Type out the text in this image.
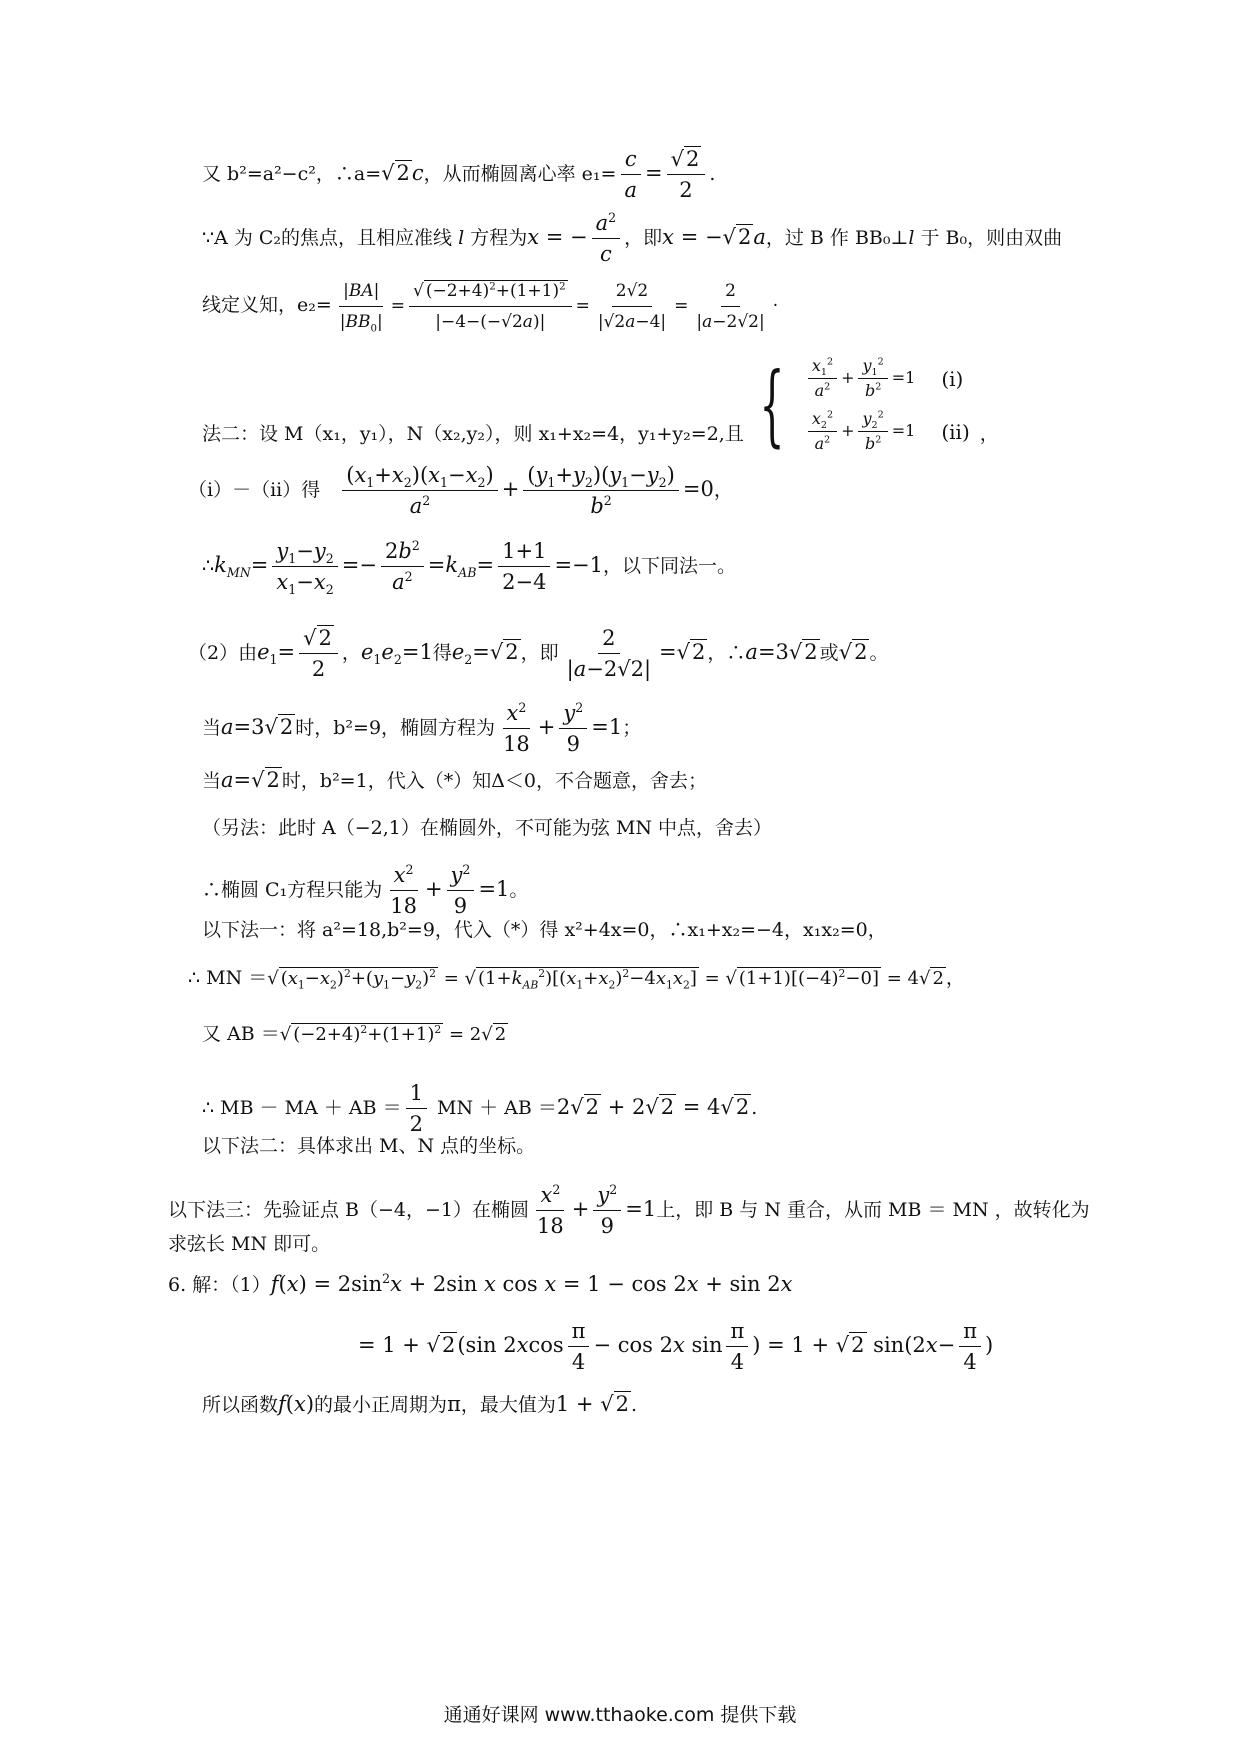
又 b²=a²−c²，∴a=√2c，从而椭圆离心率 $e_1= \frac{c}{a} = \frac{√2}{2}$ .
∵A 为 C₂的焦点，且相应准线 l 方程为x = − $\frac{a^2}{c}$ ，即x = −√2a，过 B 作 BB₀⊥l 于 B₀，则由双曲
线定义知，$e_2= \frac{|BA|}{|BB_0|} = \frac{√ (-2+4)^2+(1+1)^2}{|-4-(-√2a)|} = \frac{2√2}{|√2a-4|} = \frac{2}{|a-2√2|}$ ·
法二：设 M（x₁，y₁），N（x₂,y₂），则 x₁+x₂=4，y₁+y₂=2,且 { $\frac{x_1^2}{a^2} + \frac{y_1^2}{b^2} =1$ (i)
$\frac{x_2^2}{a^2} + \frac{y_2^2}{b^2} =1$ (ii) ，
（i）－（ii）得 $\frac{(x_1+x_2)(x_1-x_2)}{a^2} + \frac{(y_1+y_2)(y_1-y_2)}{b^2} =0$，
$\therefore k_{MN}= \frac{y_1-y_2}{x_1-x_2} =- \frac{2b^2}{a^2} =k_{AB}= \frac{1+1}{2-4} =-1$，以下同法一。
（2）由$e_1= \frac{√2}{2}$ ，$e_1e_2=1$得$e_2=√2$ ，即 $\frac{2}{|a-2√2|} =√2$ ，∴a=3√2 或√2 。
当a=3√2 时，b²=9，椭圆方程为 $\frac{x^2}{18} + \frac{y^2}{9} =1$；
当a=√2 时，b²=1，代入（*）知Δ＜0，不合题意，舍去；
（另法：此时 A（−2,1）在椭圆外，不可能为弦 MN 中点，舍去）
∴椭圆 C₁方程只能为 $\frac{x^2}{18} + \frac{y^2}{9} =1$。
以下法一：将 a²=18,b²=9，代入（*）得 x²+4x=0，∴x₁+x₂=−4，x₁x₂=0，
∴ MN ＝√ $(x_1-x_2)^2+(y_1-y_2)^2$ = √ $(1+k_{AB}^2)[(x_1+x_2)^2-4x_1x_2]$ = √ $(1+1)[(-4)^2-0] = 4√$ 2 ，
又 AB ＝√ $(-2+4)^2+(1+1)^2 = 2√$ 2
∴ MB － MA ＋ AB ＝ $\frac{1}{2}$ MN ＋ AB ＝2√2 + 2√2 = 4√2 .
以下法二：具体求出 M、N 点的坐标。
以下法三：先验证点 B（−4，−1）在椭圆 $\frac{x^2}{18} + \frac{y^2}{9} =1$上，即 B 与 N 重合，从而 MB ＝ MN ，故转化为
求弦长 MN 即可。
6. 解：$(1)f(x) = 2\sin^2x + 2\sin$ x cos x = 1 − cos 2x + sin 2x
= 1 + √2(sin $2xcos \frac{\pi}{4} - \cos 2x$ $\sin \frac{\pi}{4}$ ) = 1 + √2 $\sin(2x- \frac{\pi}{4}$ )
所以函数f(x)的最小正周期为π，最大值为1 + √2 .
通通好课网 www.tthaoke.com 提供下载
